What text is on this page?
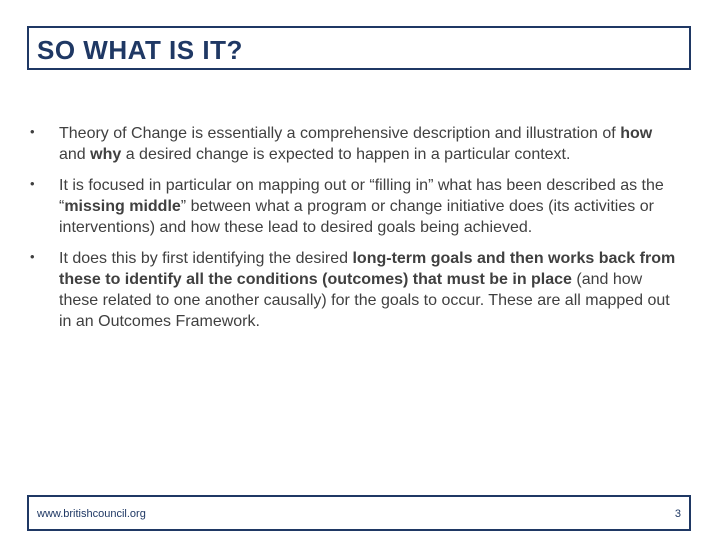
SO WHAT IS IT?
• Theory of Change is essentially a comprehensive description and illustration of how and why a desired change is expected to happen in a particular context.
• It is focused in particular on mapping out or “filling in” what has been described as the “missing middle” between what a program or change initiative does (its activities or interventions) and how these lead to desired goals being achieved.
• It does this by first identifying the desired long-term goals and then works back from these to identify all the conditions (outcomes) that must be in place (and how these related to one another causally) for the goals to occur. These are all mapped out in an Outcomes Framework.
www.britishcouncil.org	3
